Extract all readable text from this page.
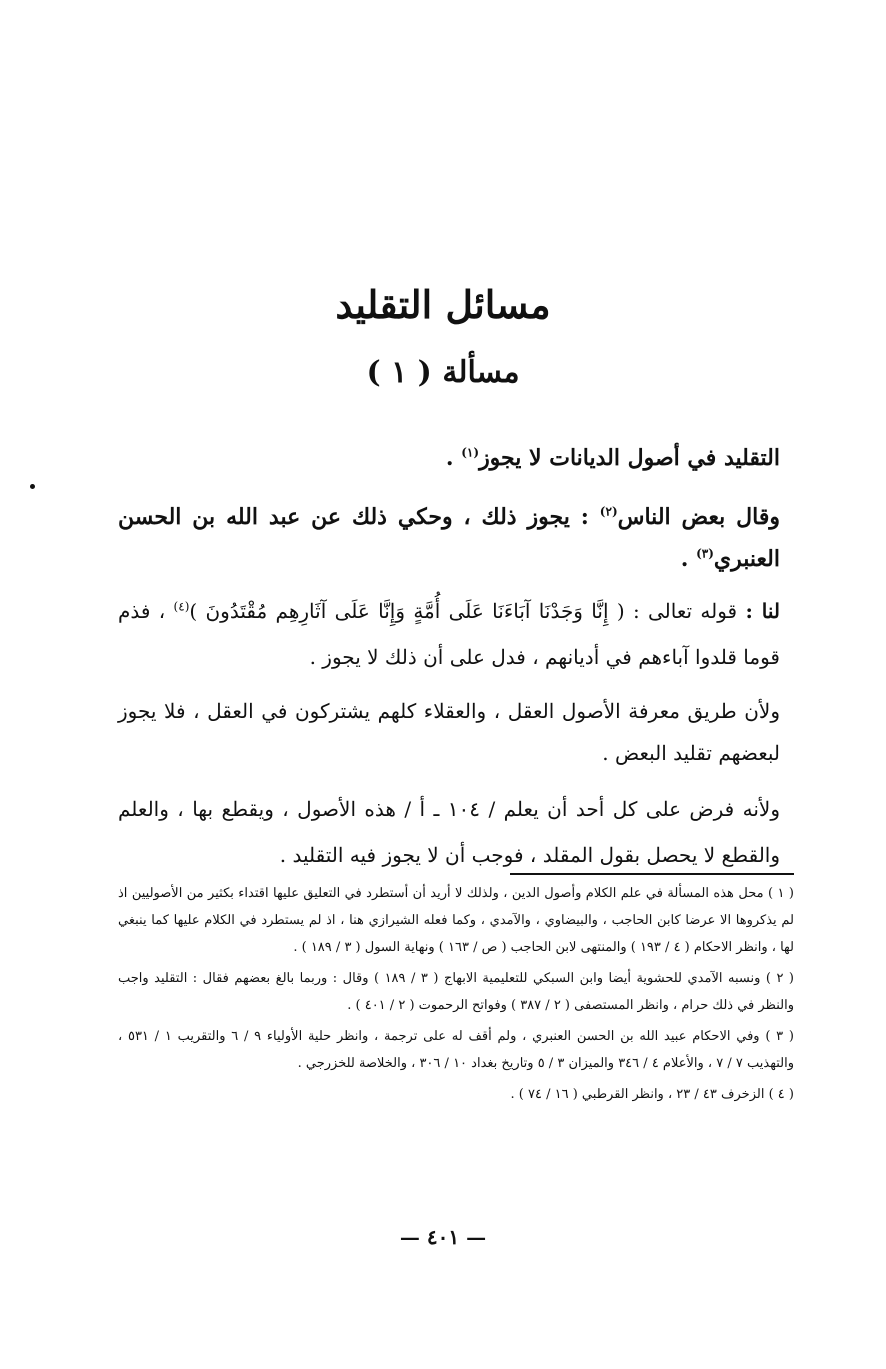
مسائل التقليد
مسألة ( ١ )

التقليد في أصول الديانات لا يجوز$^{(١)}$ .

وقال بعض الناس$^{(٢)}$ : يجوز ذلك ، وحكي ذلك عن عبد الله بن الحسن العنبري$^{(٣)}$ .

لنا : قوله تعالى : ( إِنَّا وَجَدْنَا آبَاءَنَا عَلَى أُمَّةٍ وَإِنَّا عَلَى آثَارِهِم مُقْتَدُونَ )$^{(٤)}$ ، فذم قوما قلدوا آباءهم في أديانهم ، فدل على أن ذلك لا يجوز .

ولأن طريق معرفة الأصول العقل ، والعقلاء كلهم يشتركون في العقل ، فلا يجوز لبعضهم تقليد البعض .

ولأنه فرض على كل أحد أن يعلم / ١٠٤ ـ أ / هذه الأصول ، ويقطع بها ، والعلم والقطع لا يحصل بقول المقلد ، فوجب أن لا يجوز فيه التقليد .

( ١ ) محل هذه المسألة في علم الكلام وأصول الدين ، ولذلك لا أريد أن أستطرد في التعليق عليها اقتداء بكثير من الأصوليين اذ لم يذكروها الا عرضا كابن الحاجب ، والبيضاوي ، والآمدي ، وكما فعله الشيرازي هنا ، اذ لم يستطرد في الكلام عليها كما ينبغي لها ، وانظر الاحكام ( ٤ / ١٩٣ ) والمنتهى لابن الحاجب ( ص / ١٦٣ ) ونهاية السول ( ٣ / ١٨٩ ) .

( ٢ ) ونسبه الآمدي للحشوية أيضا وابن السبكي للتعليمية الابهاج ( ٣ / ١٨٩ ) وقال : وربما بالغ بعضهم فقال : التقليد واجب والنظر في ذلك حرام ، وانظر المستصفى ( ٢ / ٣٨٧ ) وفواتح الرحموت ( ٢ / ٤٠١ ) .

( ٣ ) وفي الاحكام عبيد الله بن الحسن العنبري ، ولم أقف له على ترجمة ، وانظر حلية الأولياء ٩ / ٦ والتقريب ١ / ٥٣١ ، والتهذيب ٧ / ٧ ، والأعلام ٤ / ٣٤٦ والميزان ٣ / ٥ وتاريخ بغداد ١٠ / ٣٠٦ ، والخلاصة للخزرجي .

( ٤ ) الزخرف ٤٣ / ٢٣ ، وانظر القرطبي ( ١٦ / ٧٤ ) .

— ٤٠١ —
